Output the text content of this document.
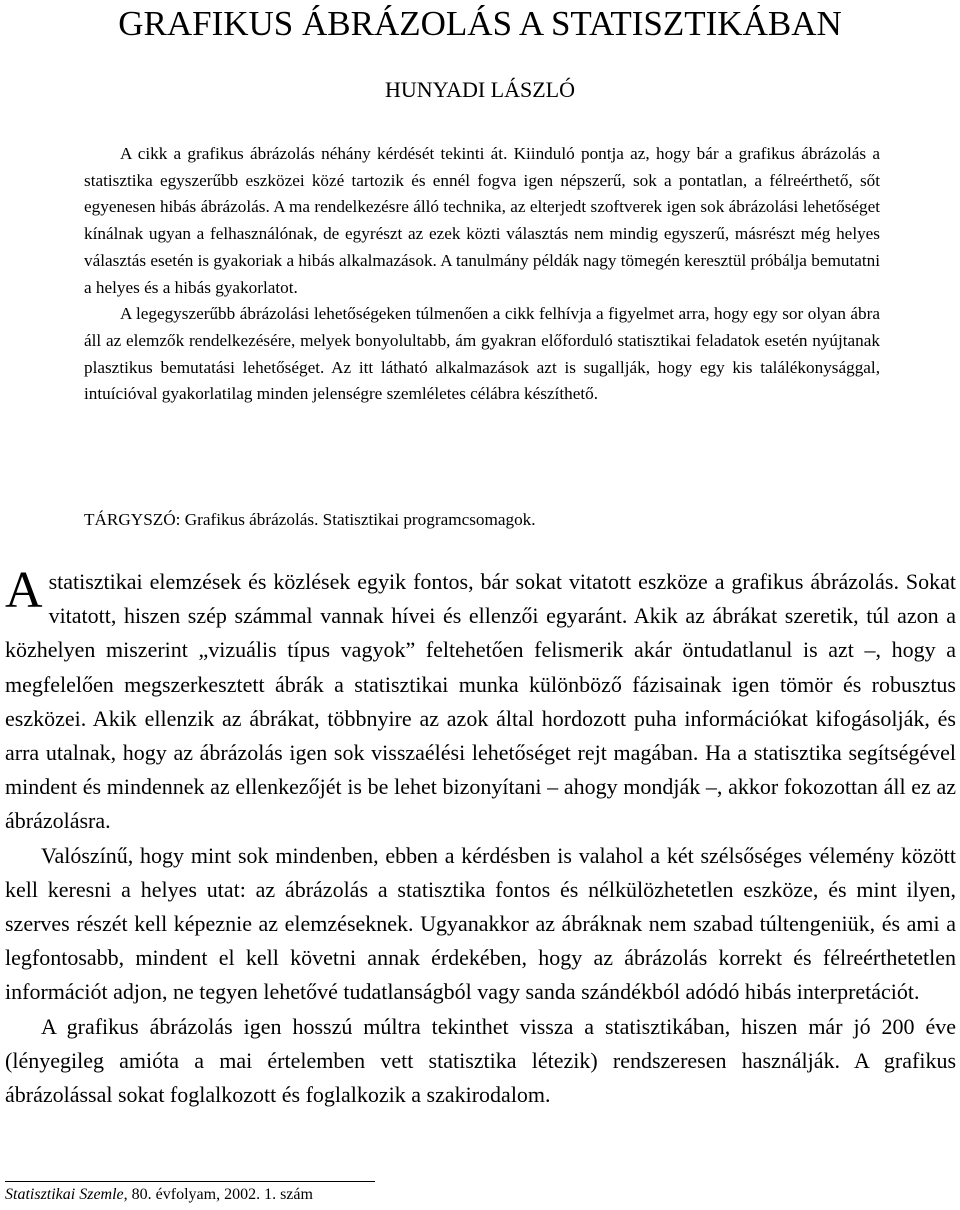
GRAFIKUS ÁBRÁZOLÁS A STATISZTIKÁBAN
HUNYADI LÁSZLÓ

A cikk a grafikus ábrázolás néhány kérdését tekinti át. Kiinduló pontja az, hogy bár a grafikus ábrázolás a statisztika egyszerűbb eszközei közé tartozik és ennél fogva igen népszerű, sok a pontatlan, a félreérthető, sőt egyenesen hibás ábrázolás. A ma rendelkezésre álló technika, az elterjedt szoftverek igen sok ábrázolási lehetőséget kínálnak ugyan a felhasználónak, de egyrészt az ezek közti választás nem mindig egyszerű, másrészt még helyes választás esetén is gyakoriak a hibás alkalmazások. A tanulmány példák nagy tömegén keresztül próbálja bemutatni a helyes és a hibás gyakorlatot.

A legegyszerűbb ábrázolási lehetőségeken túlmenően a cikk felhívja a figyelmet arra, hogy egy sor olyan ábra áll az elemzők rendelkezésére, melyek bonyolultabb, ám gyakran előforduló statisztikai feladatok esetén nyújtanak plasztikus bemutatási lehetőséget. Az itt látható alkalmazások azt is sugallják, hogy egy kis találékonysággal, intuícióval gyakorlatilag minden jelenségre szemléletes célábra készíthető.

TÁRGYSZÓ: Grafikus ábrázolás. Statisztikai programcsomagok.

Astatisztikai elemzések és közlések egyik fontos, bár sokat vitatott eszköze a grafikus ábrázolás. Sokat vitatott, hiszen szép számmal vannak hívei és ellenzői egyaránt. Akik az ábrákat szeretik, túl azon a közhelyen miszerint „vizuális típus vagyok” feltehetően felismerik akár öntudatlanul is azt –, hogy a megfelelően megszerkesztett ábrák a statisztikai munka különböző fázisainak igen tömör és robusztus eszközei. Akik ellenzik az ábrákat, többnyire az azok által hordozott puha információkat kifogásolják, és arra utalnak, hogy az ábrázolás igen sok visszaélési lehetőséget rejt magában. Ha a statisztika segítségével mindent és mindennek az ellenkezőjét is be lehet bizonyítani – ahogy mondják –, akkor fokozottan áll ez az ábrázolásra.

Valószínű, hogy mint sok mindenben, ebben a kérdésben is valahol a két szélsőséges vélemény között kell keresni a helyes utat: az ábrázolás a statisztika fontos és nélkülözhetetlen eszköze, és mint ilyen, szerves részét kell képeznie az elemzéseknek. Ugyanakkor az ábráknak nem szabad túltengeniük, és ami a legfontosabb, mindent el kell követni annak érdekében, hogy az ábrázolás korrekt és félreérthetetlen információt adjon, ne tegyen lehetővé tudatlanságból vagy sanda szándékból adódó hibás interpretációt.

A grafikus ábrázolás igen hosszú múltra tekinthet vissza a statisztikában, hiszen már jó 200 éve (lényegileg amióta a mai értelemben vett statisztika létezik) rendszeresen használják. A grafikus ábrázolással sokat foglalkozott és foglalkozik a szakirodalom.

Statisztikai Szemle, 80. évfolyam, 2002. 1. szám
